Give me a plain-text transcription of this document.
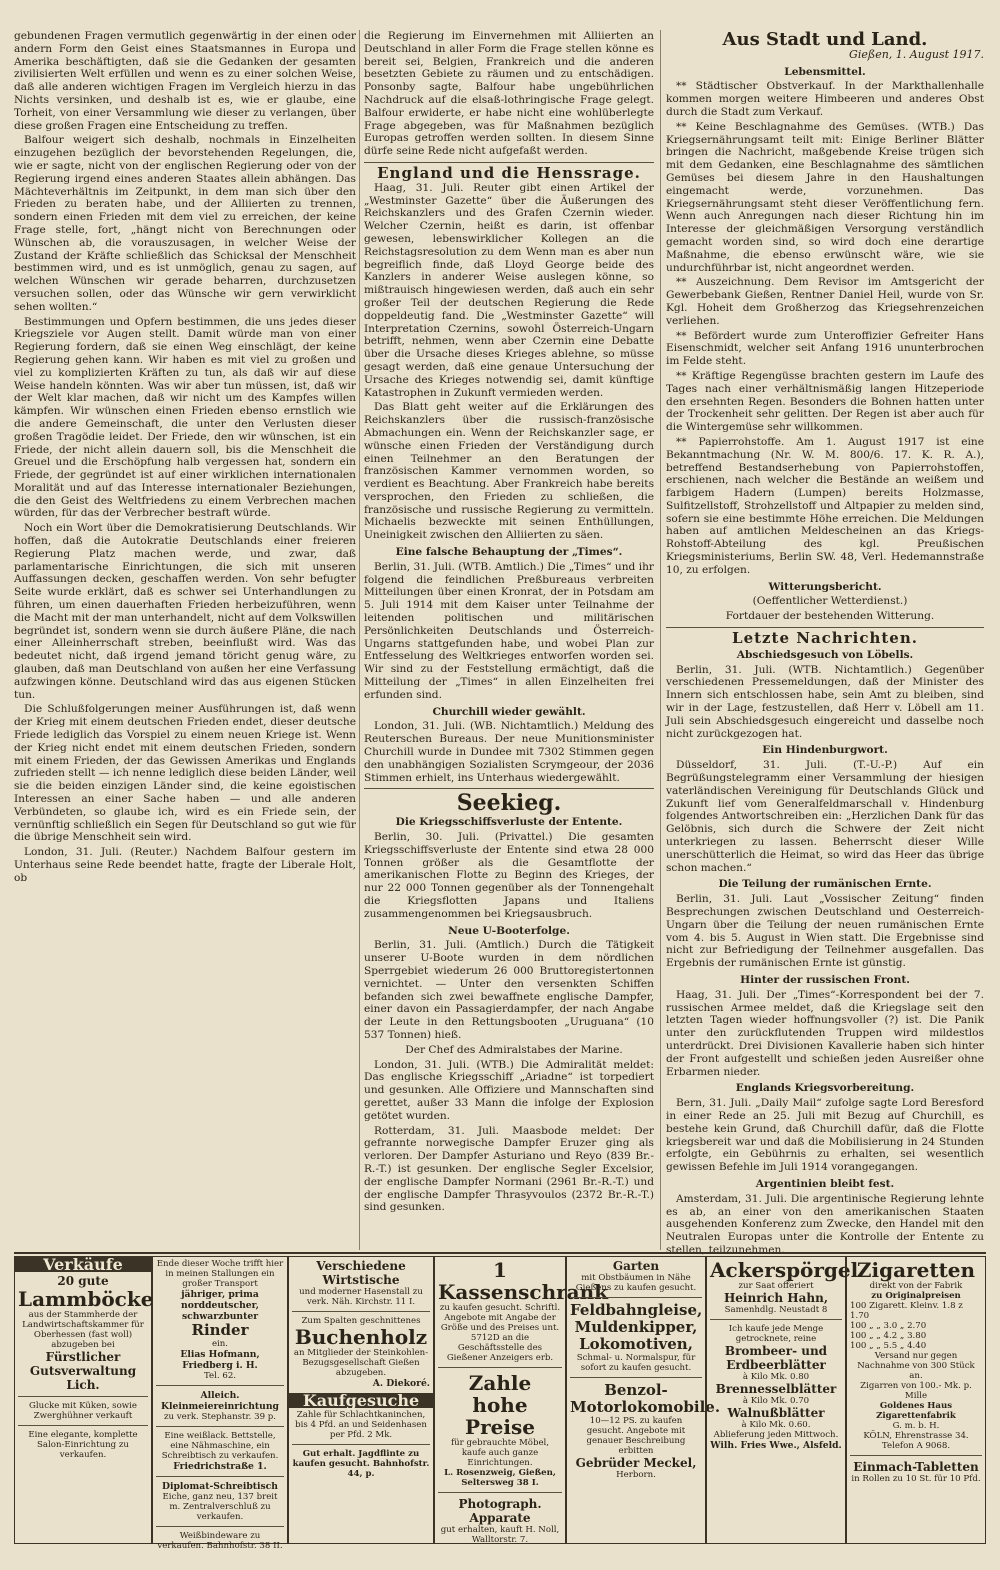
gebundenen Fragen vermutlich gegenwärtig in der einen oder andern Form den Geist eines Staatsmannes in Europa und Amerika beschäftigten, daß sie die Gedanken der gesamten zivilisierten Welt erfüllen und wenn es zu einer solchen Weise, daß alle anderen wichtigen Fragen im Vergleich hierzu in das Nichts versinken, und deshalb ist es, wie er glaube, eine Torheit, von einer Versammlung wie dieser zu verlangen, über diese großen Fragen eine Entscheidung zu treffen.

Balfour weigert sich deshalb, nochmals in Einzelheiten einzugehen bezüglich der bevorstehenden Regelungen, die, wie er sagte, nicht von der englischen Regierung oder von der Regierung irgend eines anderen Staates allein abhängen. Das Mächteverhältnis im Zeitpunkt, in dem man sich über den Frieden zu beraten habe, und der Alliierten zu trennen, sondern einen Frieden mit dem viel zu erreichen, der keine Frage stelle, fort, „hängt nicht von Berechnungen oder Wünschen ab, die vorauszusagen, in welcher Weise der Zustand der Kräfte schließlich das Schicksal der Menschheit bestimmen wird, und es ist unmöglich, genau zu sagen, auf welchen Wünschen wir gerade beharren, durchzusetzen versuchen sollen, oder das Wünsche wir gern verwirklicht sehen wollten.“

Bestimmungen und Opfern bestimmen, die uns jedes dieser Kriegsziele vor Augen stellt. Damit würde man von einer Regierung fordern, daß sie einen Weg einschlägt, der keine Regierung gehen kann. Wir haben es mit viel zu großen und viel zu komplizierten Kräften zu tun, als daß wir auf diese Weise handeln könnten. Was wir aber tun müssen, ist, daß wir der Welt klar machen, daß wir nicht um des Kampfes willen kämpfen. Wir wünschen einen Frieden ebenso ernstlich wie die andere Gemeinschaft, die unter den Verlusten dieser großen Tragödie leidet. Der Friede, den wir wünschen, ist ein Friede, der nicht allein dauern soll, bis die Menschheit die Greuel und die Erschöpfung halb vergessen hat, sondern ein Friede, der gegründet ist auf einer wirklichen internationalen Moralität und auf das Interesse internationaler Beziehungen, die den Geist des Weltfriedens zu einem Verbrechen machen würden, für das der Verbrecher bestraft würde.

Noch ein Wort über die Demokratisierung Deutschlands. Wir hoffen, daß die Autokratie Deutschlands einer freieren Regierung Platz machen werde, und zwar, daß parlamentarische Einrichtungen, die sich mit unseren Auffassungen decken, geschaffen werden. Von sehr befugter Seite wurde erklärt, daß es schwer sei Unterhandlungen zu führen, um einen dauerhaften Frieden herbeizuführen, wenn die Macht mit der man unterhandelt, nicht auf dem Volkswillen begründet ist, sondern wenn sie durch äußere Pläne, die nach einer Alleinherrschaft streben, beeinflußt wird. Was das bedeutet nicht, daß irgend jemand töricht genug wäre, zu glauben, daß man Deutschland von außen her eine Verfassung aufzwingen könne. Deutschland wird das aus eigenen Stücken tun.

Die Schlußfolgerungen meiner Ausführungen ist, daß wenn der Krieg mit einem deutschen Frieden endet, dieser deutsche Friede lediglich das Vorspiel zu einem neuen Kriege ist. Wenn der Krieg nicht endet mit einem deutschen Frieden, sondern mit einem Frieden, der das Gewissen Amerikas und Englands zufrieden stellt — ich nenne lediglich diese beiden Länder, weil sie die beiden einzigen Länder sind, die keine egoistischen Interessen an einer Sache haben — und alle anderen Verbündeten, so glaube ich, wird es ein Friede sein, der vernünftig schließlich ein Segen für Deutschland so gut wie für die übrige Menschheit sein wird.

London, 31. Juli. (Reuter.) Nachdem Balfour gestern im Unterhaus seine Rede beendet hatte, fragte der Liberale Holt, ob

die Regierung im Einvernehmen mit Alliierten an Deutschland in aller Form die Frage stellen könne es bereit sei, Belgien, Frankreich und die anderen besetzten Gebiete zu räumen und zu entschädigen. Ponsonby sagte, Balfour habe ungebührlichen Nachdruck auf die elsaß-lothringische Frage gelegt. Balfour erwiderte, er habe nicht eine wohlüberlegte Frage abgegeben, was für Maßnahmen bezüglich Europas getroffen werden sollten. In diesem Sinne dürfe seine Rede nicht aufgefaßt werden.

England und die Henssrage.

Haag, 31. Juli. Reuter gibt einen Artikel der „Westminster Gazette“ über die Äußerungen des Reichskanzlers und des Grafen Czernin wieder. Welcher Czernin, heißt es darin, ist offenbar gewesen, lebenswirklicher Kollegen an die Reichstagsresolution zu dem Wenn man es aber nun begreiflich finde, daß Lloyd George beide des Kanzlers in anderer Weise auslegen könne, so mißtrauisch hingewiesen werden, daß auch ein sehr großer Teil der deutschen Regierung die Rede doppeldeutig fand. Die „Westminster Gazette“ will Interpretation Czernins, sowohl Österreich-Ungarn betrifft, nehmen, wenn aber Czernin eine Debatte über die Ursache dieses Krieges ablehne, so müsse gesagt werden, daß eine genaue Untersuchung der Ursache des Krieges notwendig sei, damit künftige Katastrophen in Zukunft vermieden werden.

Das Blatt geht weiter auf die Erklärungen des Reichskanzlers über die russisch-französische Abmachungen ein. Wenn der Reichskanzler sage, er wünsche einen Frieden der Verständigung durch einen Teilnehmer an den Beratungen der französischen Kammer vernommen worden, so verdient es Beachtung. Aber Frankreich habe bereits versprochen, den Frieden zu schließen, die französische und russische Regierung zu vermitteln. Michaelis bezweckte mit seinen Enthüllungen, Uneinigkeit zwischen den Alliierten zu säen.

Eine falsche Behauptung der „Times“.

Berlin, 31. Juli. (WTB. Amtlich.) Die „Times“ und ihr folgend die feindlichen Preßbureaus verbreiten Mitteilungen über einen Kronrat, der in Potsdam am 5. Juli 1914 mit dem Kaiser unter Teilnahme der leitenden politischen und militärischen Persönlichkeiten Deutschlands und Österreich-Ungarns stattgefunden habe, und wobei Plan zur Entfesselung des Weltkrieges entworfen worden sei. Wir sind zu der Feststellung ermächtigt, daß die Mitteilung der „Times“ in allen Einzelheiten frei erfunden sind.

Churchill wieder gewählt.

London, 31. Juli. (WB. Nichtamtlich.) Meldung des Reuterschen Bureaus. Der neue Munitionsminister Churchill wurde in Dundee mit 7302 Stimmen gegen den unabhängigen Sozialisten Scrymgeour, der 2036 Stimmen erhielt, ins Unterhaus wiedergewählt.

Seekieg.
Die Kriegsschiffsverluste der Entente.

Berlin, 30. Juli. (Privattel.) Die gesamten Kriegsschiffsverluste der Entente sind etwa 28 000 Tonnen größer als die Gesamtflotte der amerikanischen Flotte zu Beginn des Krieges, der nur 22 000 Tonnen gegenüber als der Tonnengehalt die Kriegsflotten Japans und Italiens zusammengenommen bei Kriegsausbruch.

Neue U-Booterfolge.

Berlin, 31. Juli. (Amtlich.) Durch die Tätigkeit unserer U-Boote wurden in dem nördlichen Sperrgebiet wiederum 26 000 Bruttoregistertonnen vernichtet. — Unter den versenkten Schiffen befanden sich zwei bewaffnete englische Dampfer, einer davon ein Passagierdampfer, der nach Angabe der Leute in den Rettungsbooten „Uruguana“ (10 537 Tonnen) hieß.

Der Chef des Admiralstabes der Marine.

London, 31. Juli. (WTB.) Die Admiralität meldet: Das englische Kriegsschiff „Ariadne“ ist torpediert und gesunken. Alle Offiziere und Mannschaften sind gerettet, außer 33 Mann die infolge der Explosion getötet wurden.

Rotterdam, 31. Juli. Maasbode meldet: Der gefrannte norwegische Dampfer Eruzer ging als verloren. Der Dampfer Asturiano und Reyo (839 Br.-R.-T.) ist gesunken. Der englische Segler Excelsior, der englische Dampfer Normani (2961 Br.-R.-T.) und der englische Dampfer Thrasyvoulos (2372 Br.-R.-T.) sind gesunken.

Aus Stadt und Land.
Gießen, 1. August 1917.
Lebensmittel.

** Städtischer Obstverkauf. In der Markthallenhalle kommen morgen weitere Himbeeren und anderes Obst durch die Stadt zum Verkauf.

** Keine Beschlagnahme des Gemüses. (WTB.) Das Kriegsernährungsamt teilt mit: Einige Berliner Blätter bringen die Nachricht, maßgebende Kreise trügen sich mit dem Gedanken, eine Beschlagnahme des sämtlichen Gemüses bei diesem Jahre in den Haushaltungen eingemacht werde, vorzunehmen. Das Kriegsernährungsamt steht dieser Veröffentlichung fern. Wenn auch Anregungen nach dieser Richtung hin im Interesse der gleichmäßigen Versorgung verständlich gemacht worden sind, so wird doch eine derartige Maßnahme, die ebenso erwünscht wäre, wie sie undurchführbar ist, nicht angeordnet werden.

** Auszeichnung. Dem Revisor im Amtsgericht der Gewerbebank Gießen, Rentner Daniel Heil, wurde von Sr. Kgl. Hoheit dem Großherzog das Kriegsehrenzeichen verliehen.

** Befördert wurde zum Unteroffizier Gefreiter Hans Eisenschmidt, welcher seit Anfang 1916 ununterbrochen im Felde steht.

** Kräftige Regengüsse brachten gestern im Laufe des Tages nach einer verhältnismäßig langen Hitzeperiode den ersehnten Regen. Besonders die Bohnen hatten unter der Trockenheit sehr gelitten. Der Regen ist aber auch für die Wintergemüse sehr willkommen.

** Papierrohstoffe. Am 1. August 1917 ist eine Bekanntmachung (Nr. W. M. 800/6. 17. K. R. A.), betreffend Bestandserhebung von Papierrohstoffen, erschienen, nach welcher die Bestände an weißem und farbigem Hadern (Lumpen) bereits Holzmasse, Sulfitzellstoff, Strohzellstoff und Altpapier zu melden sind, sofern sie eine bestimmte Höhe erreichen. Die Meldungen haben auf amtlichen Meldescheinen an das Kriegs-Rohstoff-Abteilung des kgl. Preußischen Kriegsministeriums, Berlin SW. 48, Verl. Hedemannstraße 10, zu erfolgen.

Witterungsbericht.

(Oeffentlicher Wetterdienst.)

Fortdauer der bestehenden Witterung.

Letzte Nachrichten.
Abschiedsgesuch von Löbells.

Berlin, 31. Juli. (WTB. Nichtamtlich.) Gegenüber verschiedenen Pressemeldungen, daß der Minister des Innern sich entschlossen habe, sein Amt zu bleiben, sind wir in der Lage, festzustellen, daß Herr v. Löbell am 11. Juli sein Abschiedsgesuch eingereicht und dasselbe noch nicht zurückgezogen hat.

Ein Hindenburgwort.

Düsseldorf, 31. Juli. (T.-U.-P.) Auf ein Begrüßungstelegramm einer Versammlung der hiesigen vaterländischen Vereinigung für Deutschlands Glück und Zukunft lief vom Generalfeldmarschall v. Hindenburg folgendes Antwortschreiben ein: „Herzlichen Dank für das Gelöbnis, sich durch die Schwere der Zeit nicht unterkriegen zu lassen. Beherrscht dieser Wille unerschütterlich die Heimat, so wird das Heer das übrige schon machen.“

Die Teilung der rumänischen Ernte.

Berlin, 31. Juli. Laut „Vossischer Zeitung“ finden Besprechungen zwischen Deutschland und Oesterreich-Ungarn über die Teilung der neuen rumänischen Ernte vom 4. bis 5. August in Wien statt. Die Ergebnisse sind nicht zur Befriedigung der Teilnehmer ausgefallen. Das Ergebnis der rumänischen Ernte ist günstig.

Hinter der russischen Front.

Haag, 31. Juli. Der „Times“-Korrespondent bei der 7. russischen Armee meldet, daß die Kriegslage seit den letzten Tagen wieder hoffnungsvoller (?) ist. Die Panik unter den zurückflutenden Truppen wird mildestlos unterdrückt. Drei Divisionen Kavallerie haben sich hinter der Front aufgestellt und schießen jeden Ausreißer ohne Erbarmen nieder.

Englands Kriegsvorbereitung.

Bern, 31. Juli. „Daily Mail“ zufolge sagte Lord Beresford in einer Rede an 25. Juli mit Bezug auf Churchill, es bestehe kein Grund, daß Churchill dafür, daß die Flotte kriegsbereit war und daß die Mobilisierung in 24 Stunden erfolgte, ein Gebührnis zu erhalten, sei wesentlich gewissen Befehle im Juli 1914 vorangegangen.

Argentinien bleibt fest.

Amsterdam, 31. Juli. Die argentinische Regierung lehnte es ab, an einer von den amerikanischen Staaten ausgehenden Konferenz zum Zwecke, den Handel mit den Neutralen Europas unter die Kontrolle der Entente zu stellen, teilzunehmen.

Verkäufe
20 gute
Lammböcke
aus der Stammherde der Landwirtschaftskammer für Oberhessen (fast woll) abzugeben bei
Fürstlicher Gutsverwaltung Lich.
Glucke mit Küken, sowie Zwerghühner verkauft
Eine elegante, komplette Salon-Einrichtung zu verkaufen.
Ende dieser Woche trifft hier in meinen Stallungen ein großer Transport
jähriger, prima norddeutscher, schwarzbunter
Rinder
ein.
Elias Hofmann, Friedberg i. H.
Tel. 62.
Alleich. Kleinmeiereinrichtung
zu verk. Stephanstr. 39 p.
Eine weißlack. Bettstelle, eine Nähmaschine, ein Schreibtisch zu verkaufen.
Friedrichstraße 1.
Diplomat-Schreibtisch
Eiche, ganz neu, 137 breit m. Zentralverschluß zu verkaufen.
Weißbindeware zu verkaufen. Bahnhofstr. 38 II.
Verschiedene Wirtstische
und moderner Hasenstall zu verk. Näh. Kirchstr. 11 I.
Zum Spalten geschnittenes
Buchenholz
an Mitglieder der Steinkohlen-Bezugsgesellschaft Gießen abzugeben.
A. Diekoré.
Kaufgesuche
Zahle für Schlachtkaninchen, bis 4 Pfd. an und Seidenhasen per Pfd. 2 Mk.
Gut erhalt. Jagdflinte zu kaufen gesucht. Bahnhofstr. 44, p.
1 Kassenschrank
zu kaufen gesucht. Schriftl. Angebote mit Angabe der Größe und des Preises unt. 5712D an die Geschäftsstelle des Gießener Anzeigers erb.
Zahle hohe Preise
für gebrauchte Möbel, kaufe auch ganze Einrichtungen.
L. Rosenzweig, Gießen, Seltersweg 38 I.
Photograph. Apparate
gut erhalten, kauft H. Noll, Walltorstr. 7.
Garten
mit Obstbäumen in Nähe Gießens zu kaufen gesucht.
Feldbahngleise, Muldenkipper, Lokomotiven,
Schmal- u. Normalspur, für sofort zu kaufen gesucht.
Benzol-Motorlokomobile.
10—12 PS. zu kaufen gesucht. Angebote mit genauer Beschreibung erbitten
Gebrüder Meckel,
Herborn.
Ackerspörgel
zur Saat offeriert
Heinrich Hahn,
Samenhdlg. Neustadt 8
Ich kaufe jede Menge getrocknete, reine
Brombeer- und Erdbeerblätter
à Kilo Mk. 0.80
Brennesselblätter
à Kilo Mk. 0.70
Walnußblätter
à Kilo Mk. 0.60.
Ablieferung jeden Mittwoch.
Wilh. Fries Wwe., Alsfeld.
Zigaretten
direkt von der Fabrik
zu Originalpreisen
100 Zigarett. Kleinv. 1.8 z 1.70
100 „ „ 3.0 „ 2.70
100 „ „ 4.2 „ 3.80
100 „ „ 5.5 „ 4.40
Versand nur gegen Nachnahme von 300 Stück an.
Zigarren von 100.- Mk. p. Mille
Goldenes Haus Zigarettenfabrik
G. m. b. H.
KÖLN, Ehrenstrasse 34.
Telefon A 9068.
Einmach-Tabletten
in Rollen zu 10 St. für 10 Pfd.
